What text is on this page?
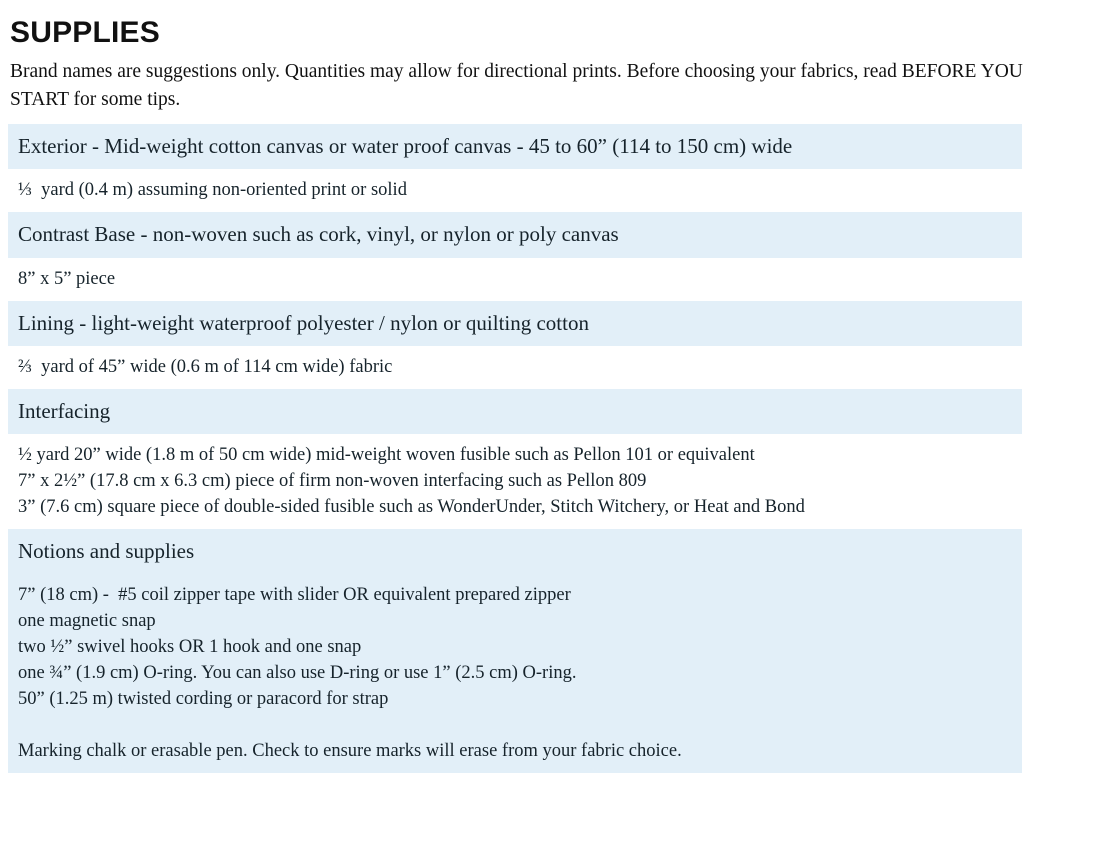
SUPPLIES

Brand names are suggestions only. Quantities may allow for directional prints. Before choosing your fabrics, read BEFORE YOU START for some tips.

Exterior - Mid-weight cotton canvas or water proof canvas - 45 to 60” (114 to 150 cm) wide
⅓  yard (0.4 m) assuming non-oriented print or solid
Contrast Base - non-woven such as cork, vinyl, or nylon or poly canvas
8” x 5” piece
Lining - light-weight waterproof polyester / nylon or quilting cotton
⅔  yard of 45” wide (0.6 m of 114 cm wide) fabric
Interfacing
½ yard 20” wide (1.8 m of 50 cm wide) mid-weight woven fusible such as Pellon 101 or equivalent
7” x 2½” (17.8 cm x 6.3 cm) piece of firm non-woven interfacing such as Pellon 809
3” (7.6 cm) square piece of double-sided fusible such as WonderUnder, Stitch Witchery, or Heat and Bond
Notions and supplies
7” (18 cm) -  #5 coil zipper tape with slider OR equivalent prepared zipper
one magnetic snap
two ½” swivel hooks OR 1 hook and one snap
one ¾” (1.9 cm) O-ring. You can also use D-ring or use 1” (2.5 cm) O-ring.
50” (1.25 m) twisted cording or paracord for strap
Marking chalk or erasable pen. Check to ensure marks will erase from your fabric choice.
